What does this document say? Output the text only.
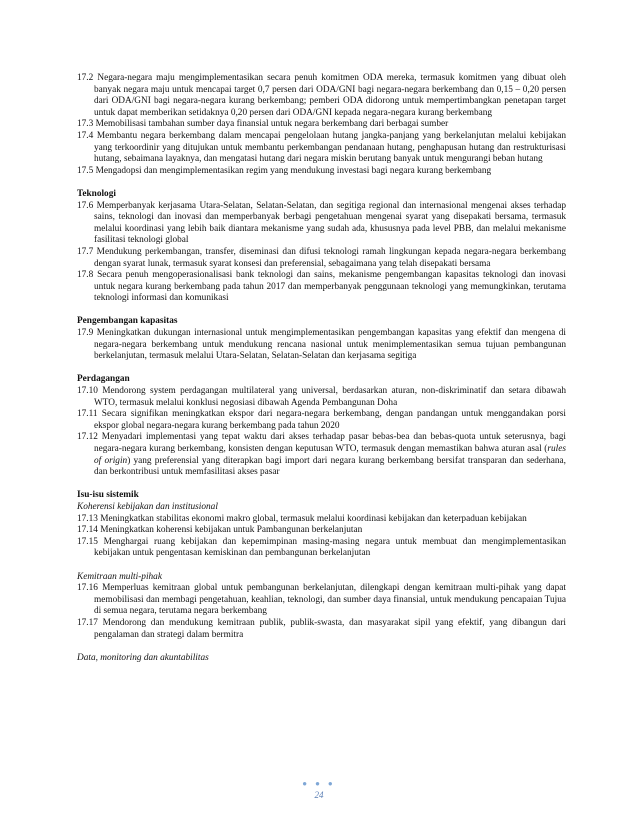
17.2 Negara-negara maju mengimplementasikan secara penuh komitmen ODA mereka, termasuk komitmen yang dibuat oleh banyak negara maju untuk mencapai target 0,7 persen dari ODA/GNI bagi negara-negara berkembang dan 0,15 – 0,20 persen dari ODA/GNI bagi negara-negara kurang berkembang; pemberi ODA didorong untuk mempertimbangkan penetapan target untuk dapat memberikan setidaknya 0,20 persen dari ODA/GNI kepada negara-negara kurang berkembang

17.3 Memobilisasi tambahan sumber daya finansial untuk negara berkembang dari berbagai sumber

17.4 Membantu negara berkembang dalam mencapai pengelolaan hutang jangka-panjang yang berkelanjutan melalui kebijakan yang terkoordinir yang ditujukan untuk membantu perkembangan pendanaan hutang, penghapusan hutang dan restrukturisasi hutang, sebaimana layaknya, dan mengatasi hutang dari negara miskin berutang banyak untuk mengurangi beban hutang

17.5 Mengadopsi dan mengimplementasikan regim yang mendukung investasi bagi negara kurang berkembang

Teknologi

17.6 Memperbanyak kerjasama Utara-Selatan, Selatan-Selatan, dan segitiga regional dan internasional mengenai akses terhadap sains, teknologi dan inovasi dan memperbanyak berbagi pengetahuan mengenai syarat yang disepakati bersama, termasuk melalui koordinasi yang lebih baik diantara mekanisme yang sudah ada, khususnya pada level PBB, dan melalui mekanisme fasilitasi teknologi global

17.7 Mendukung perkembangan, transfer, diseminasi dan difusi teknologi ramah lingkungan kepada negara-negara berkembang dengan syarat lunak, termasuk syarat konsesi dan preferensial, sebagaimana yang telah disepakati bersama

17.8 Secara penuh mengoperasionalisasi bank teknologi dan sains, mekanisme pengembangan kapasitas teknologi dan inovasi untuk negara kurang berkembang pada tahun 2017 dan memperbanyak penggunaan teknologi yang memungkinkan, terutama teknologi informasi dan komunikasi

Pengembangan kapasitas

17.9 Meningkatkan dukungan internasional untuk mengimplementasikan pengembangan kapasitas yang efektif dan mengena di negara-negara berkembang untuk mendukung rencana nasional untuk menimplementasikan semua tujuan pembangunan berkelanjutan, termasuk melalui Utara-Selatan, Selatan-Selatan dan kerjasama segitiga

Perdagangan

17.10 Mendorong system perdagangan multilateral yang universal, berdasarkan aturan, non-diskriminatif dan setara dibawah WTO, termasuk melalui konklusi negosiasi dibawah Agenda Pembangunan Doha

17.11 Secara signifikan meningkatkan ekspor dari negara-negara berkembang, dengan pandangan untuk menggandakan porsi ekspor global negara-negara kurang berkembang pada tahun 2020

17.12 Menyadari implementasi yang tepat waktu dari akses terhadap pasar bebas-bea dan bebas-quota untuk seterusnya, bagi negara-negara kurang berkembang, konsisten dengan keputusan WTO, termasuk dengan memastikan bahwa aturan asal (rules of origin) yang preferensial yang diterapkan bagi import dari negara kurang berkembang bersifat transparan dan sederhana, dan berkontribusi untuk memfasilitasi akses pasar

Isu-isu sistemik

Koherensi kebijakan dan institusional

17.13 Meningkatkan stabilitas ekonomi makro global, termasuk melalui koordinasi kebijakan dan keterpaduan kebijakan

17.14 Meningkatkan koherensi kebijakan untuk Pambangunan berkelanjutan

17.15 Menghargai ruang kebijakan dan kepemimpinan masing-masing negara untuk membuat dan mengimplementasikan kebijakan untuk pengentasan kemiskinan dan pembangunan berkelanjutan

Kemitraan multi-pihak

17.16 Memperluas kemitraan global untuk pembangunan berkelanjutan, dilengkapi dengan kemitraan multi-pihak yang dapat memobilisasi dan membagi pengetahuan, keahlian, teknologi, dan sumber daya finansial, untuk mendukung pencapaian Tujua di semua negara, terutama negara berkembang

17.17 Mendorong dan mendukung kemitraan publik, publik-swasta, dan masyarakat sipil yang efektif, yang dibangun dari pengalaman dan strategi dalam bermitra

Data, monitoring dan akuntabilitas

● ● ●
24
